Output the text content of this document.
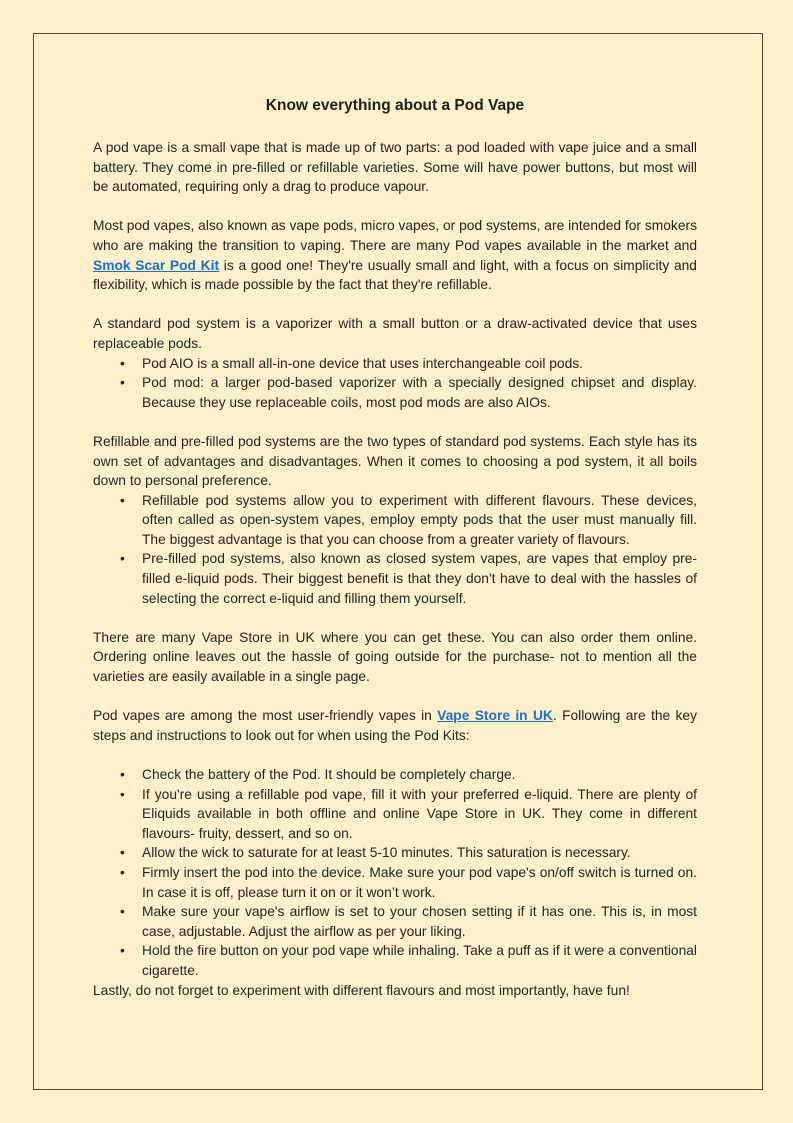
Know everything about a Pod Vape

A pod vape is a small vape that is made up of two parts: a pod loaded with vape juice and a small battery. They come in pre-filled or refillable varieties. Some will have power buttons, but most will be automated, requiring only a drag to produce vapour.

Most pod vapes, also known as vape pods, micro vapes, or pod systems, are intended for smokers who are making the transition to vaping. There are many Pod vapes available in the market and Smok Scar Pod Kit is a good one! They're usually small and light, with a focus on simplicity and flexibility, which is made possible by the fact that they're refillable.

A standard pod system is a vaporizer with a small button or a draw-activated device that uses replaceable pods.

• Pod AIO is a small all-in-one device that uses interchangeable coil pods.
• Pod mod: a larger pod-based vaporizer with a specially designed chipset and display. Because they use replaceable coils, most pod mods are also AIOs.

Refillable and pre-filled pod systems are the two types of standard pod systems. Each style has its own set of advantages and disadvantages. When it comes to choosing a pod system, it all boils down to personal preference.

• Refillable pod systems allow you to experiment with different flavours. These devices, often called as open-system vapes, employ empty pods that the user must manually fill. The biggest advantage is that you can choose from a greater variety of flavours.
• Pre-filled pod systems, also known as closed system vapes, are vapes that employ pre-filled e-liquid pods. Their biggest benefit is that they don't have to deal with the hassles of selecting the correct e-liquid and filling them yourself.

There are many Vape Store in UK where you can get these. You can also order them online. Ordering online leaves out the hassle of going outside for the purchase- not to mention all the varieties are easily available in a single page.

Pod vapes are among the most user-friendly vapes in Vape Store in UK. Following are the key steps and instructions to look out for when using the Pod Kits:

• Check the battery of the Pod. It should be completely charge.
• If you're using a refillable pod vape, fill it with your preferred e-liquid. There are plenty of Eliquids available in both offline and online Vape Store in UK. They come in different flavours- fruity, dessert, and so on.
• Allow the wick to saturate for at least 5-10 minutes. This saturation is necessary.
• Firmly insert the pod into the device. Make sure your pod vape's on/off switch is turned on. In case it is off, please turn it on or it won’t work.
• Make sure your vape's airflow is set to your chosen setting if it has one. This is, in most case, adjustable. Adjust the airflow as per your liking.
• Hold the fire button on your pod vape while inhaling. Take a puff as if it were a conventional cigarette.

Lastly, do not forget to experiment with different flavours and most importantly, have fun!
